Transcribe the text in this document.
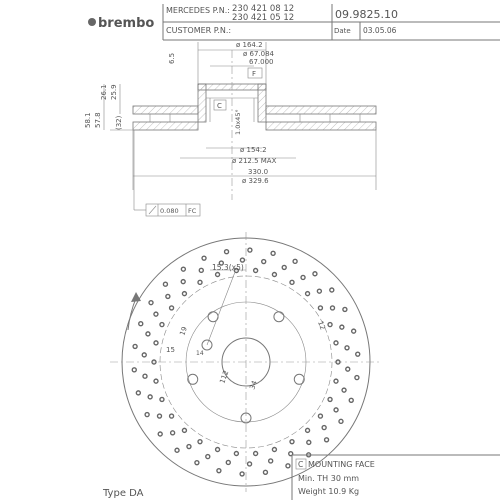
brembo
MERCEDES P.N.: 230 421 08 12
230 421 05 12
CUSTOMER P.N.:
09.9825.10
Date 03.05.06
ø 164.2
ø 67.084
67.000
6.5
F
C
1.0x45°
ø 154.2
ø 212.5 MAX
330.0
ø 329.6
26.1 25.9
58.1 57.8 (32)
0.080 FC
15.3(x5)
15
19
12
112
34
14
Type DA
C MOUNTING FACE
Min. TH 30 mm
Weight 10.9 Kg
